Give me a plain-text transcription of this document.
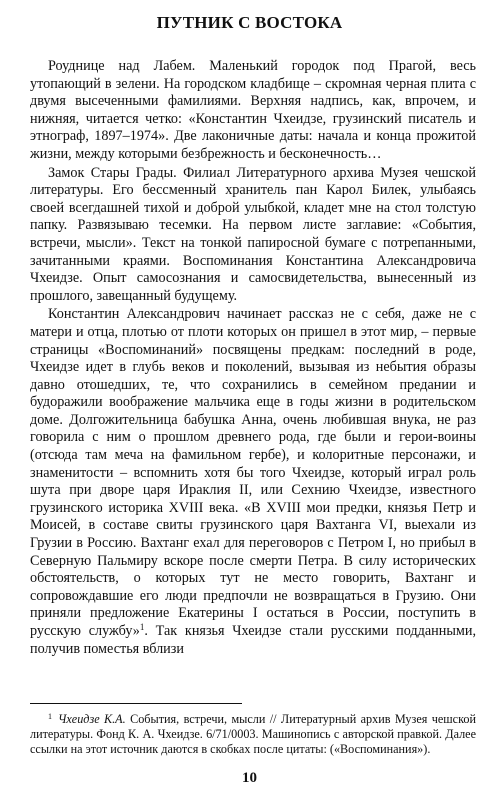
ПУТНИК С ВОСТОКА

Роуднице над Лабем. Маленький городок под Прагой, весь утопающий в зелени. На городском кладбище – скромная черная плита с двумя высеченными фамилиями. Верхняя надпись, как, впрочем, и нижняя, читается четко: «Константин Чхеидзе, грузинский писатель и этнограф, 1897–1974». Две лаконичные даты: начала и конца прожитой жизни, между которыми безбрежность и бесконечность…

Замок Стары Грады. Филиал Литературного архива Музея чешской литературы. Его бессменный хранитель пан Карол Билек, улыбаясь своей всегдашней тихой и доброй улыбкой, кладет мне на стол толстую папку. Развязываю тесемки. На первом листе заглавие: «События, встречи, мысли». Текст на тонкой папиросной бумаге с потрепанными, зачитанными краями. Воспоминания Константина Александровича Чхеидзе. Опыт самосознания и самосвидетельства, вынесенный из прошлого, завещанный будущему.

Константин Александрович начинает рассказ не с себя, даже не с матери и отца, плотью от плоти которых он пришел в этот мир, – первые страницы «Воспоминаний» посвящены предкам: последний в роде, Чхеидзе идет в глубь веков и поколений, вызывая из небытия образы давно отошедших, те, что сохранились в семейном предании и будоражили воображение мальчика еще в годы жизни в родительском доме. Долгожительница бабушка Анна, очень любившая внука, не раз говорила с ним о прошлом древнего рода, где были и герои-воины (отсюда там меча на фамильном гербе), и колоритные персонажи, и знаменитости – вспомнить хотя бы того Чхеидзе, который играл роль шута при дворе царя Ираклия II, или Сехнию Чхеидзе, известного грузинского историка XVIII века. «В XVIII мои предки, князья Петр и Моисей, в составе свиты грузинского царя Вахтанга VI, выехали из Грузии в Россию. Вахтанг ехал для переговоров с Петром I, но прибыл в Северную Пальмиру вскоре после смерти Петра. В силу исторических обстоятельств, о которых тут не место говорить, Вахтанг и сопровождавшие его люди предпочли не возвращаться в Грузию. Они приняли предложение Екатерины I остаться в России, поступить в русскую службу»$^1$. Так князья Чхеидзе стали русскими подданными, получив поместья вблизи

$^1$ Чхеидзе К.А. События, встречи, мысли // Литературный архив Музея чешской литературы. Фонд К. А. Чхеидзе. 6/71/0003. Машинопись с авторской правкой. Далее ссылки на этот источник даются в скобках после цитаты: («Воспоминания»).

10
